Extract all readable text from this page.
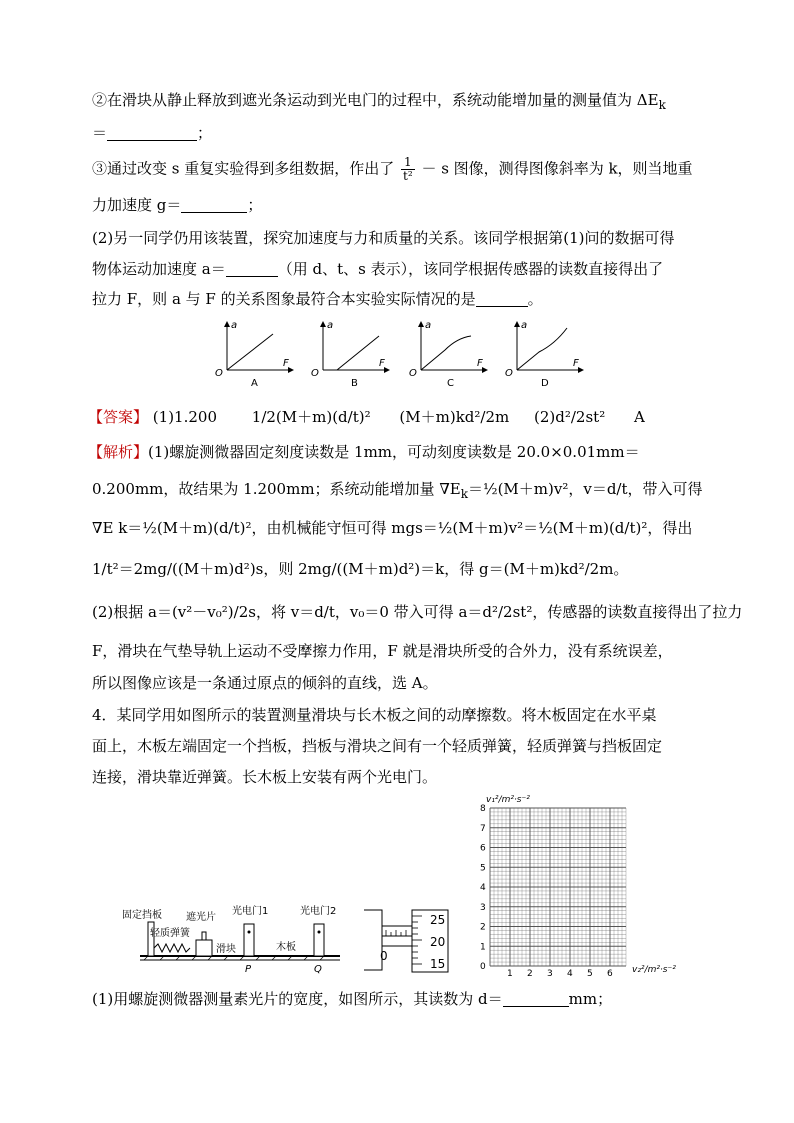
②在滑块从静止释放到遮光条运动到光电门的过程中，系统动能增加量的测量值为 $\Delta E_k$
＝	；
③通过改变 s 重复实验得到多组数据，作出了 $\frac{1}{\text{t²}} - s$ 图像，测得图像斜率为 k，则当地重
力加速度 g＝	；
(2)另一同学仍用该装置，探究加速度与力和质量的关系。该同学根据第(1)问的数据可得
物体运动加速度 a＝	（用 d、t、s 表示），该同学根据传感器的读数直接得出了
拉力 F，则 a 与 F 的关系图象最符合本实验实际情况的是	。
a
F
O
A
a
F
O
B
a
F
O
C
a
F
O
D
【答案】 (1)1.200 1/2(M＋m)(d/t)² (M＋m)kd²/2m (2)d²/2st² A
【解析】(1)螺旋测微器固定刻度读数是 1mm，可动刻度读数是 20.0×0.01mm＝
0.200mm，故结果为 1.200mm；系统动能增加量 $\nabla E_k=\frac{1}{2}(M+m)v^2$，v＝d/t，带入可得
∇E k＝½(M＋m)(d/t)²，由机械能守恒可得 mgs＝½(M＋m)v²＝½(M＋m)(d/t)²，得出
1/t²＝2mg/((M＋m)d²)s，则 2mg/((M＋m)d²)＝k，得 g＝(M＋m)kd²/2m。
(2)根据 a＝(v²－v₀²)/2s，将 v＝d/t，v₀＝0 带入可得 a＝d²/2st²，传感器的读数直接得出了拉力
F，滑块在气垫导轨上运动不受摩擦力作用，F 就是滑块所受的合外力，没有系统误差，
所以图像应该是一条通过原点的倾斜的直线，选 A。
4．某同学用如图所示的装置测量滑块与长木板之间的动摩擦数。将木板固定在水平桌
面上，木板左端固定一个挡板，挡板与滑块之间有一个轻质弹簧，轻质弹簧与挡板固定
连接，滑块靠近弹簧。长木板上安装有两个光电门。
固定挡板 遮光片
轻质弹簧
滑块
光电门1	光电门2
木板
P	Q
25
20
15
0
v₁²/m²·s⁻²
v₂²/m²·s⁻²
0
1
2
3
4
5
6
7
8
1 2 3 4 5 6
(1)用螺旋测微器测量素光片的宽度，如图所示，其读数为 d＝	mm；
